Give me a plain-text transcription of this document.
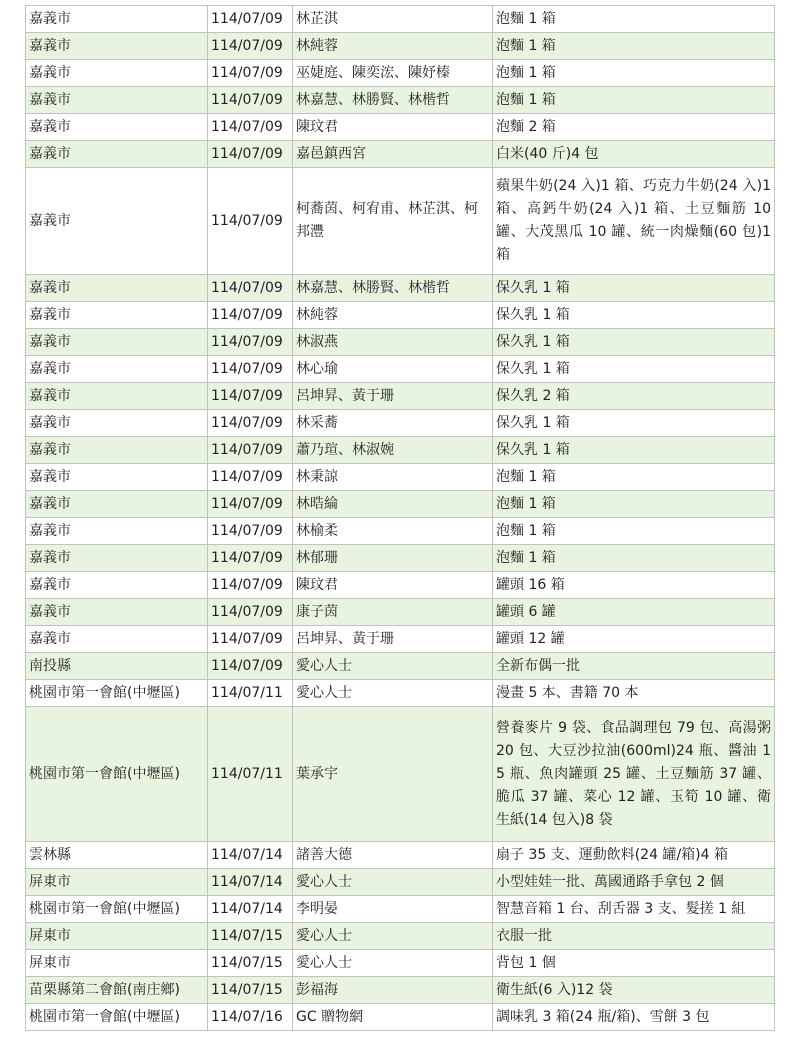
嘉義市	114/07/09	林芷淇	泡麵 1 箱
嘉義市	114/07/09	林純蓉	泡麵 1 箱
嘉義市	114/07/09	巫婕庭、陳奕浤、陳妤榛	泡麵 1 箱
嘉義市	114/07/09	林嘉慧、林勝賢、林楷哲	泡麵 1 箱
嘉義市	114/07/09	陳玟君	泡麵 2 箱
嘉義市	114/07/09	嘉邑鎮西宮	白米(40 斤)4 包
嘉義市	114/07/09	柯蕎茵、柯宥甫、林芷淇、柯邦灃	蘋果牛奶(24 入)1 箱、巧克力牛奶(24 入)1 箱、高鈣牛奶(24 入)1 箱、土豆麵筋 10 罐、大茂黑瓜 10 罐、統一肉燥麵(60 包)1 箱
嘉義市	114/07/09	林嘉慧、林勝賢、林楷哲	保久乳 1 箱
嘉義市	114/07/09	林純蓉	保久乳 1 箱
嘉義市	114/07/09	林淑燕	保久乳 1 箱
嘉義市	114/07/09	林心瑜	保久乳 1 箱
嘉義市	114/07/09	呂坤昇、黃于珊	保久乳 2 箱
嘉義市	114/07/09	林采蕎	保久乳 1 箱
嘉義市	114/07/09	蕭乃瑄、林淑婉	保久乳 1 箱
嘉義市	114/07/09	林秉諒	泡麵 1 箱
嘉義市	114/07/09	林晧綸	泡麵 1 箱
嘉義市	114/07/09	林榆柔	泡麵 1 箱
嘉義市	114/07/09	林郁珊	泡麵 1 箱
嘉義市	114/07/09	陳玟君	罐頭 16 箱
嘉義市	114/07/09	康子茵	罐頭 6 罐
嘉義市	114/07/09	呂坤昇、黃于珊	罐頭 12 罐
南投縣	114/07/09	愛心人士	全新布偶一批
桃園市第一會館(中壢區)	114/07/11	愛心人士	漫畫 5 本、書籍 70 本
桃園市第一會館(中壢區)	114/07/11	葉承宇	營養麥片 9 袋、食品調理包 79 包、高湯粥 20 包、大豆沙拉油(600ml)24 瓶、醬油 15 瓶、魚肉罐頭 25 罐、土豆麵筋 37 罐、脆瓜 37 罐、菜心 12 罐、玉筍 10 罐、衛生紙(14 包入)8 袋
雲林縣	114/07/14	諸善大德	扇子 35 支、運動飲料(24 罐/箱)4 箱
屏東市	114/07/14	愛心人士	小型娃娃一批、萬國通路手拿包 2 個
桃園市第一會館(中壢區)	114/07/14	李明晏	智慧音箱 1 台、刮舌器 3 支、髮搓 1 組
屏東市	114/07/15	愛心人士	衣服一批
屏東市	114/07/15	愛心人士	背包 1 個
苗栗縣第二會館(南庄鄉)	114/07/15	彭福海	衛生紙(6 入)12 袋
桃園市第一會館(中壢區)	114/07/16	GC 贈物網	調味乳 3 箱(24 瓶/箱)、雪餅 3 包
